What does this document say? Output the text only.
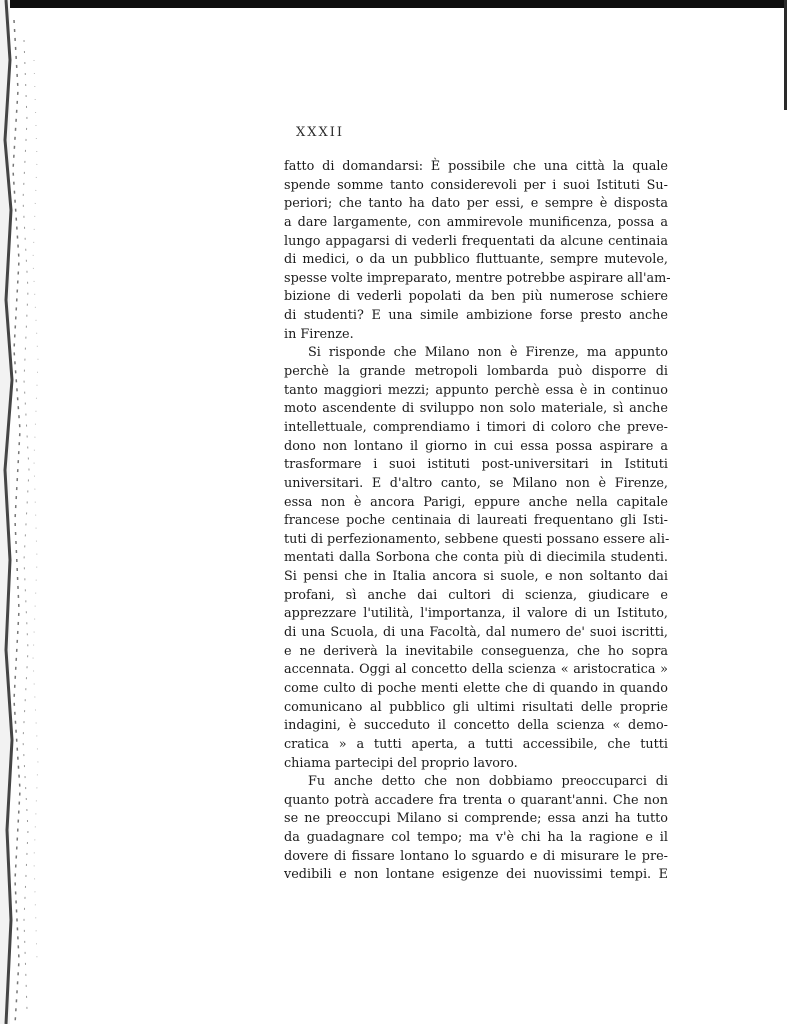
XXXII
fatto di domandarsi: È possibile che una città la quale
spende somme tanto considerevoli per i suoi Istituti Su-
periori; che tanto ha dato per essi, e sempre è disposta
a dare largamente, con ammirevole munificenza, possa a
lungo appagarsi di vederli frequentati da alcune centinaia
di medici, o da un pubblico fluttuante, sempre mutevole,
spesse volte impreparato, mentre potrebbe aspirare all'am-
bizione di vederli popolati da ben più numerose schiere
di studenti? E una simile ambizione forse presto anche
in Firenze.
Si risponde che Milano non è Firenze, ma appunto
perchè la grande metropoli lombarda può disporre di
tanto maggiori mezzi; appunto perchè essa è in continuo
moto ascendente di sviluppo non solo materiale, sì anche
intellettuale, comprendiamo i timori di coloro che preve-
dono non lontano il giorno in cui essa possa aspirare a
trasformare i suoi istituti post-universitari in Istituti
universitari. E d'altro canto, se Milano non è Firenze,
essa non è ancora Parigi, eppure anche nella capitale
francese poche centinaia di laureati frequentano gli Isti-
tuti di perfezionamento, sebbene questi possano essere ali-
mentati dalla Sorbona che conta più di diecimila studenti.
Si pensi che in Italia ancora si suole, e non soltanto dai
profani, sì anche dai cultori di scienza, giudicare e
apprezzare l'utilità, l'importanza, il valore di un Istituto,
di una Scuola, di una Facoltà, dal numero de' suoi iscritti,
e ne deriverà la inevitabile conseguenza, che ho sopra
accennata. Oggi al concetto della scienza « aristocratica »
come culto di poche menti elette che di quando in quando
comunicano al pubblico gli ultimi risultati delle proprie
indagini, è succeduto il concetto della scienza « demo-
cratica » a tutti aperta, a tutti accessibile, che tutti
chiama partecipi del proprio lavoro.
Fu anche detto che non dobbiamo preoccuparci di
quanto potrà accadere fra trenta o quarant'anni. Che non
se ne preoccupi Milano si comprende; essa anzi ha tutto
da guadagnare col tempo; ma v'è chi ha la ragione e il
dovere di fissare lontano lo sguardo e di misurare le pre-
vedibili e non lontane esigenze dei nuovissimi tempi. E
